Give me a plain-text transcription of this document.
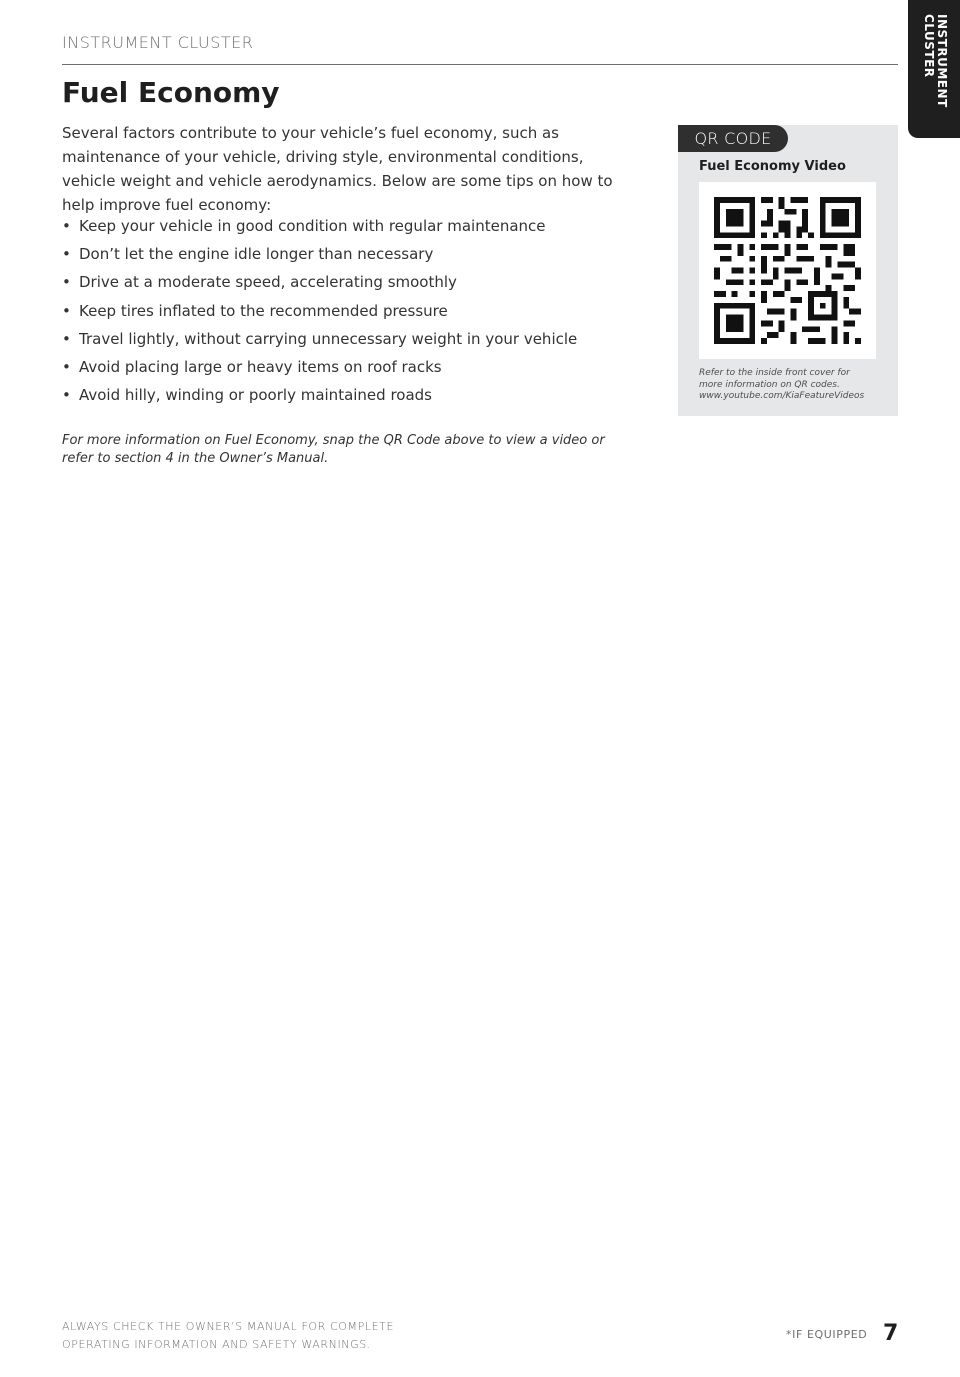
INSTRUMENT CLUSTER	INSTRUMENT
CLUSTER
Fuel Economy

Several factors contribute to your vehicle’s fuel economy, such as maintenance of your vehicle, driving style, environmental conditions, vehicle weight and vehicle aerodynamics. Below are some tips on how to help improve fuel economy:

• Keep your vehicle in good condition with regular maintenance
• Don’t let the engine idle longer than necessary
• Drive at a moderate speed, accelerating smoothly
• Keep tires inflated to the recommended pressure
• Travel lightly, without carrying unnecessary weight in your vehicle
• Avoid placing large or heavy items on roof racks
• Avoid hilly, winding or poorly maintained roads

For more information on Fuel Economy, snap the QR Code above to view a video or refer to section 4 in the Owner’s Manual.

QR CODE
Fuel Economy Video

Refer to the inside front cover for
more information on QR codes.
www.youtube.com/KiaFeatureVideos

ALWAYS CHECK THE OWNER’S MANUAL FOR COMPLETE
OPERATING INFORMATION AND SAFETY WARNINGS.

*IF EQUIPPED 7
